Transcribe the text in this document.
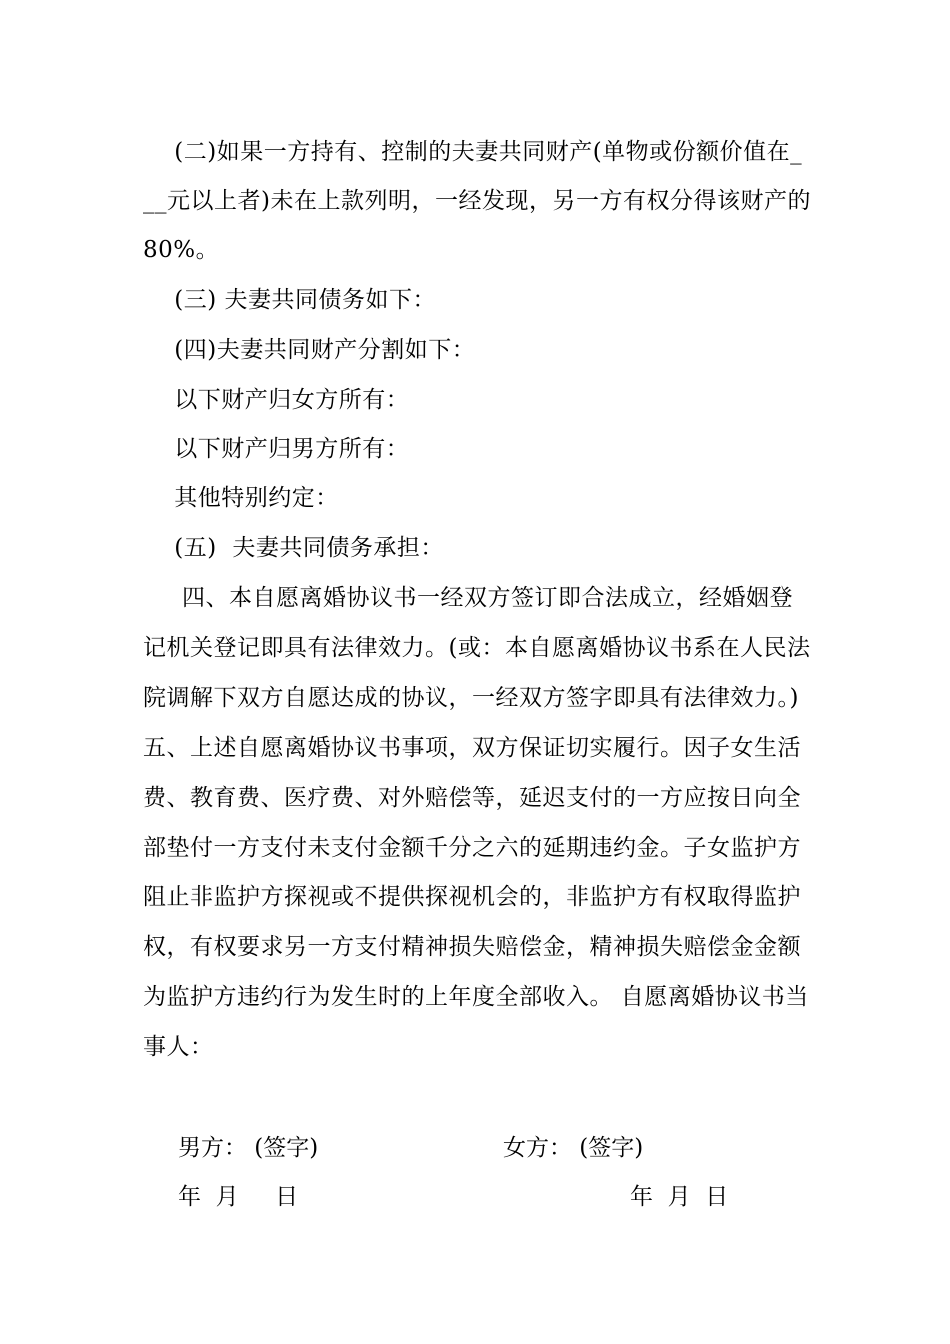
(二)如果一方持有、控制的夫妻共同财产(单物或份额价值在_
__元以上者)未在上款列明，一经发现，另一方有权分得该财产的
80%。
(三) 夫妻共同债务如下：
(四)夫妻共同财产分割如下：
以下财产归女方所有：
以下财产归男方所有：
其他特别约定：
(五)  夫妻共同债务承担：
四、本自愿离婚协议书一经双方签订即合法成立，经婚姻登
记机关登记即具有法律效力。(或：本自愿离婚协议书系在人民法
院调解下双方自愿达成的协议，一经双方签字即具有法律效力。)
五、上述自愿离婚协议书事项，双方保证切实履行。因子女生活
费、教育费、医疗费、对外赔偿等，延迟支付的一方应按日向全
部垫付一方支付未支付金额千分之六的延期违约金。子女监护方
阻止非监护方探视或不提供探视机会的，非监护方有权取得监护
权，有权要求另一方支付精神损失赔偿金，精神损失赔偿金金额
为监护方违约行为发生时的上年度全部收入。 自愿离婚协议书当
事人：
男方： (签字)	女方： (签字)
年  月     日	年  月  日
